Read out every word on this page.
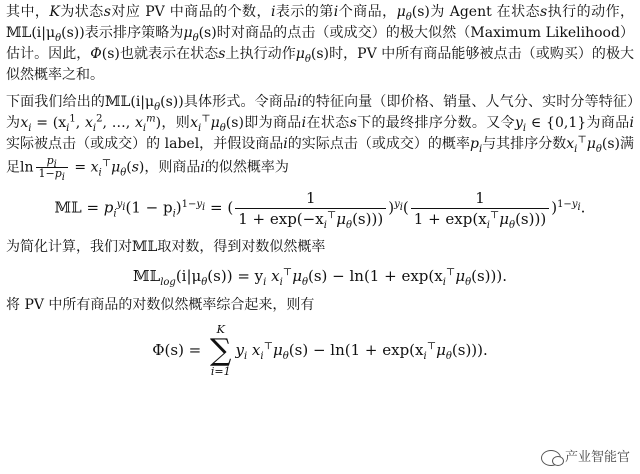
其中，K为状态s对应 PV 中商品的个数，i表示的第i个商品，$\mu_\theta(s)$为 Agent 在状态s执行的动作，$𝕄𝕃(i|\mu_\theta(s))$表示排序策略为$\mu_\theta(s)$时对商品的点击（或成交）的极大似然（Maximum Likelihood）估计。因此，Φ(s)也就表示在状态s上执行动作$\mu_\theta(s)$时，PV 中所有商品能够被点击（或购买）的极大似然概率之和。

下面我们给出的$𝕄𝕃(i|\mu_\theta(s))$具体形式。令商品i的特征向量（即价格、销量、人气分、实时分等特征）为$x_i = (x_i^1$, $x_i^2$, …, $x_i^m$)，则$x_i^⊤\mu_\theta(s)$即为商品i在状态s下的最终排序分数。又令$y_i$ ∈ {0,1}为商品i实际被点击（或成交）的 label，并假设商品i的实际点击（或成交）的概率$p_i$与其排序分数$x_i^⊤\mu_\theta(s)$满足$\ln \frac{p_i}{1-p_i} = x_i^⊤\mu_\theta(s)$，则商品i的似然概率为

𝕄𝕃 = $p_i^{y_i}(1 - p_i)^{1-y_i}$ = ( $\frac{1}{1 + \exp(-x_i^⊤\mu_\theta(s)))} )^{y_i}( \frac{1}{1 + \exp(x_i^⊤\mu_\theta(s)))} )^{1-y_i}$.

为简化计算，我们对𝕄𝕃取对数，得到对数似然概率

$𝕄𝕃_{log}(i|\mu_\theta(s)) = y_i$ $x_i^⊤\mu_\theta(s) - \ln(1 + \exp(x_i^⊤\mu_\theta(s)))$.

将 PV 中所有商品的对数似然概率综合起来，则有

Φ(s) = K
∑
$i=1y_i$ $x_i^⊤\mu_\theta(s) - \ln(1 + \exp(x_i^⊤\mu_\theta(s)))$.
产业智能官
